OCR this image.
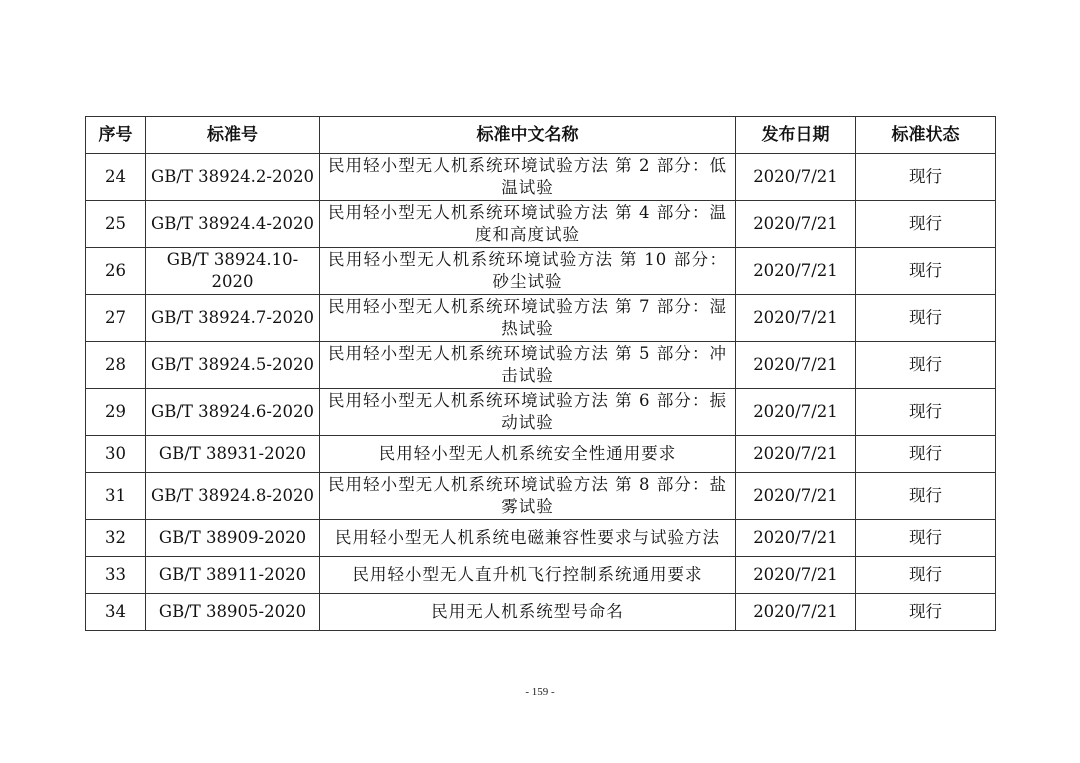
序号	标准号	标准中文名称	发布日期	标准状态
24	GB/T 38924.2-2020	民用轻小型无人机系统环境试验方法 第 2 部分：低温试验	2020/7/21	现行
25	GB/T 38924.4-2020	民用轻小型无人机系统环境试验方法 第 4 部分：温度和高度试验	2020/7/21	现行
26	GB/T 38924.10-2020	民用轻小型无人机系统环境试验方法 第 10 部分：砂尘试验	2020/7/21	现行
27	GB/T 38924.7-2020	民用轻小型无人机系统环境试验方法 第 7 部分：湿热试验	2020/7/21	现行
28	GB/T 38924.5-2020	民用轻小型无人机系统环境试验方法 第 5 部分：冲击试验	2020/7/21	现行
29	GB/T 38924.6-2020	民用轻小型无人机系统环境试验方法 第 6 部分：振动试验	2020/7/21	现行
30	GB/T 38931-2020	民用轻小型无人机系统安全性通用要求	2020/7/21	现行
31	GB/T 38924.8-2020	民用轻小型无人机系统环境试验方法 第 8 部分：盐雾试验	2020/7/21	现行
32	GB/T 38909-2020	民用轻小型无人机系统电磁兼容性要求与试验方法	2020/7/21	现行
33	GB/T 38911-2020	民用轻小型无人直升机飞行控制系统通用要求	2020/7/21	现行
34	GB/T 38905-2020	民用无人机系统型号命名	2020/7/21	现行
- 159 -
